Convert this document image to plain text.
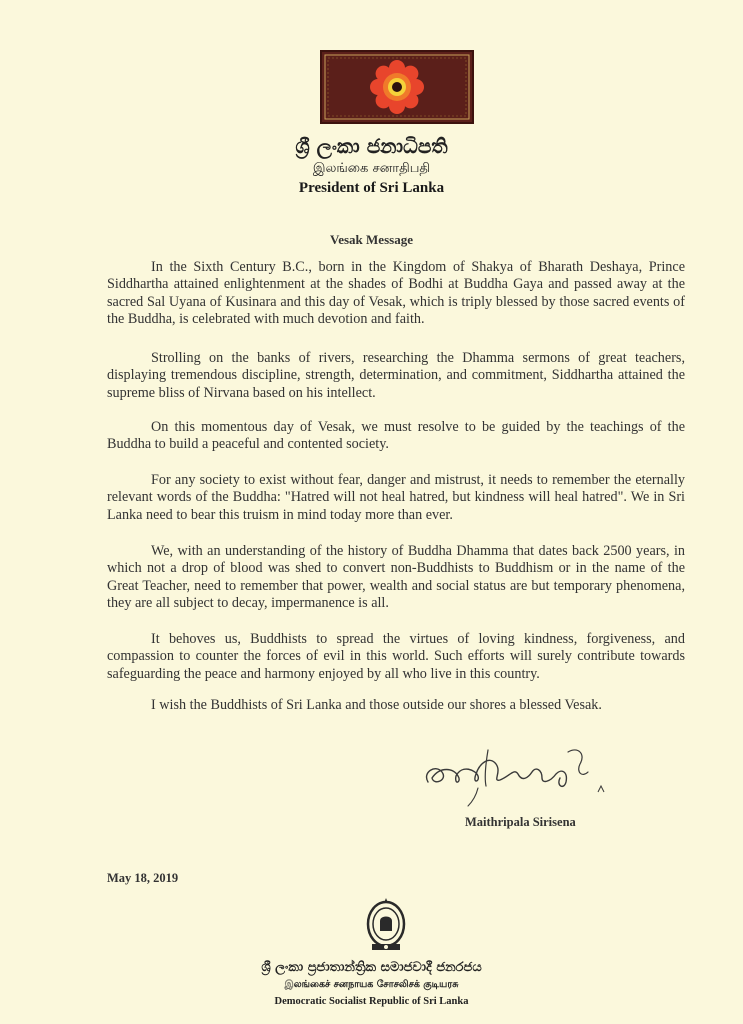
ශ්‍රී ලංකා ජනාධිපති
இலங்கை சனாதிபதி
President of Sri Lanka
Vesak Message

In the Sixth Century B.C., born in the Kingdom of Shakya of Bharath Deshaya, Prince Siddhartha attained enlightenment at the shades of Bodhi at Buddha Gaya and passed away at the sacred Sal Uyana of Kusinara and this day of Vesak, which is triply blessed by those sacred events of the Buddha, is celebrated with much devotion and faith.

Strolling on the banks of rivers, researching the Dhamma sermons of great teachers, displaying tremendous discipline, strength, determination, and commitment, Siddhartha attained the supreme bliss of Nirvana based on his intellect.

On this momentous day of Vesak, we must resolve to be guided by the teachings of the Buddha to build a peaceful and contented society.

For any society to exist without fear, danger and mistrust, it needs to remember the eternally relevant words of the Buddha: "Hatred will not heal hatred, but kindness will heal hatred". We in Sri Lanka need to bear this truism in mind today more than ever.

We, with an understanding of the history of Buddha Dhamma that dates back 2500 years, in which not a drop of blood was shed to convert non-Buddhists to Buddhism or in the name of the Great Teacher, need to remember that power, wealth and social status are but temporary phenomena, they are all subject to decay, impermanence is all.

It behoves us, Buddhists to spread the virtues of loving kindness, forgiveness, and compassion to counter the forces of evil in this world. Such efforts will surely contribute towards safeguarding the peace and harmony enjoyed by all who live in this country.

I wish the Buddhists of Sri Lanka and those outside our shores a blessed Vesak.

Maithripala Sirisena
May 18, 2019
ශ්‍රී ලංකා ප්‍රජාතාන්ත්‍රික සමාජවාදී ජනරජය
இலங்கைச் சனநாயக சோசலிசக் குடியரசு
Democratic Socialist Republic of Sri Lanka
